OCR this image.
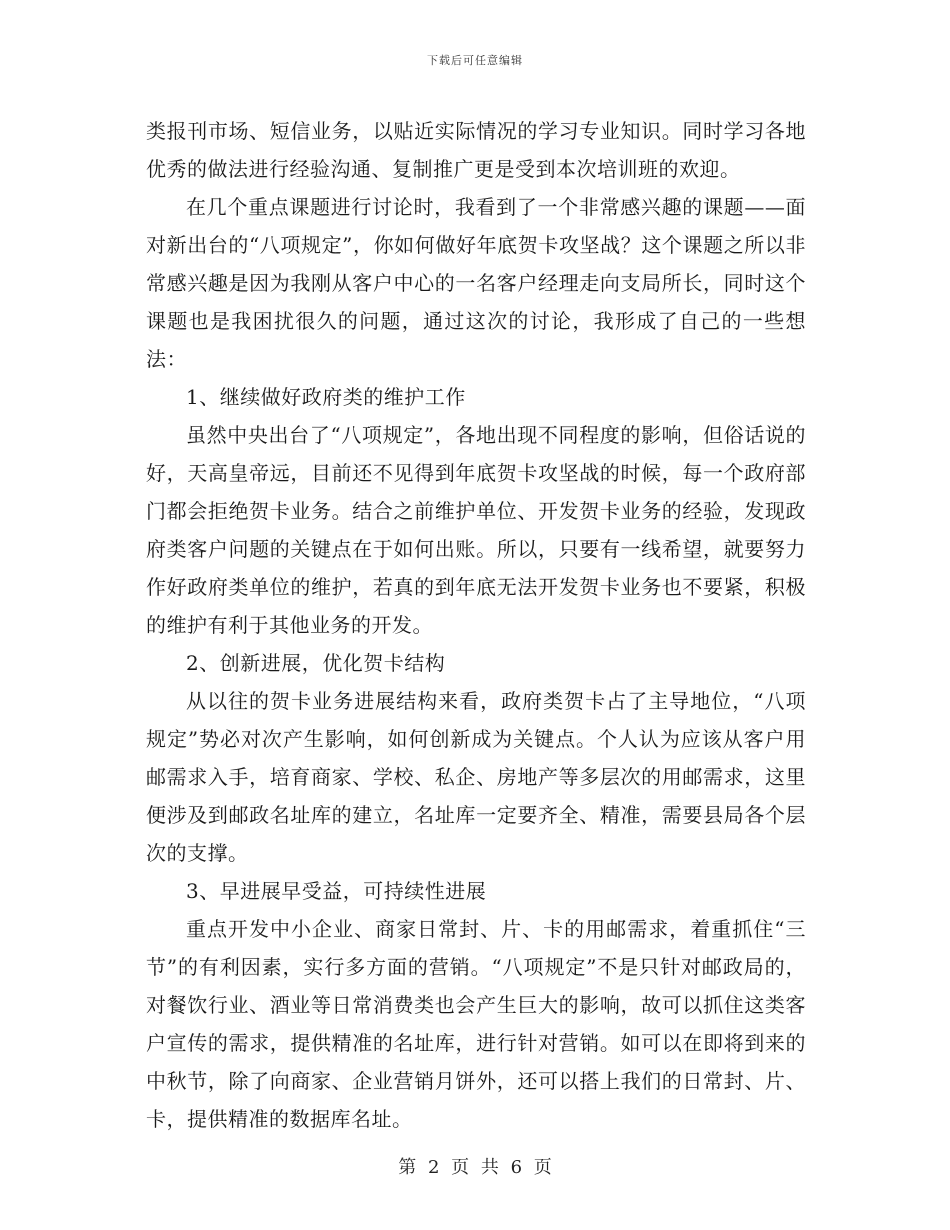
下载后可任意编辑

类报刊市场、短信业务，以贴近实际情况的学习专业知识。同时学习各地优秀的做法进行经验沟通、复制推广更是受到本次培训班的欢迎。

在几个重点课题进行讨论时，我看到了一个非常感兴趣的课题——面对新出台的“八项规定”，你如何做好年底贺卡攻坚战？这个课题之所以非常感兴趣是因为我刚从客户中心的一名客户经理走向支局所长，同时这个课题也是我困扰很久的问题，通过这次的讨论，我形成了自己的一些想法：

1、继续做好政府类的维护工作

虽然中央出台了“八项规定”，各地出现不同程度的影响，但俗话说的好，天高皇帝远，目前还不见得到年底贺卡攻坚战的时候，每一个政府部门都会拒绝贺卡业务。结合之前维护单位、开发贺卡业务的经验，发现政府类客户问题的关键点在于如何出账。所以，只要有一线希望，就要努力作好政府类单位的维护，若真的到年底无法开发贺卡业务也不要紧，积极的维护有利于其他业务的开发。

2、创新进展，优化贺卡结构

从以往的贺卡业务进展结构来看，政府类贺卡占了主导地位，“八项规定”势必对次产生影响，如何创新成为关键点。个人认为应该从客户用邮需求入手，培育商家、学校、私企、房地产等多层次的用邮需求，这里便涉及到邮政名址库的建立，名址库一定要齐全、精准，需要县局各个层次的支撑。

3、早进展早受益，可持续性进展

重点开发中小企业、商家日常封、片、卡的用邮需求，着重抓住“三节”的有利因素，实行多方面的营销。“八项规定”不是只针对邮政局的，对餐饮行业、酒业等日常消费类也会产生巨大的影响，故可以抓住这类客户宣传的需求，提供精准的名址库，进行针对营销。如可以在即将到来的中秋节，除了向商家、企业营销月饼外，还可以搭上我们的日常封、片、卡，提供精准的数据库名址。

第 2 页 共 6 页
